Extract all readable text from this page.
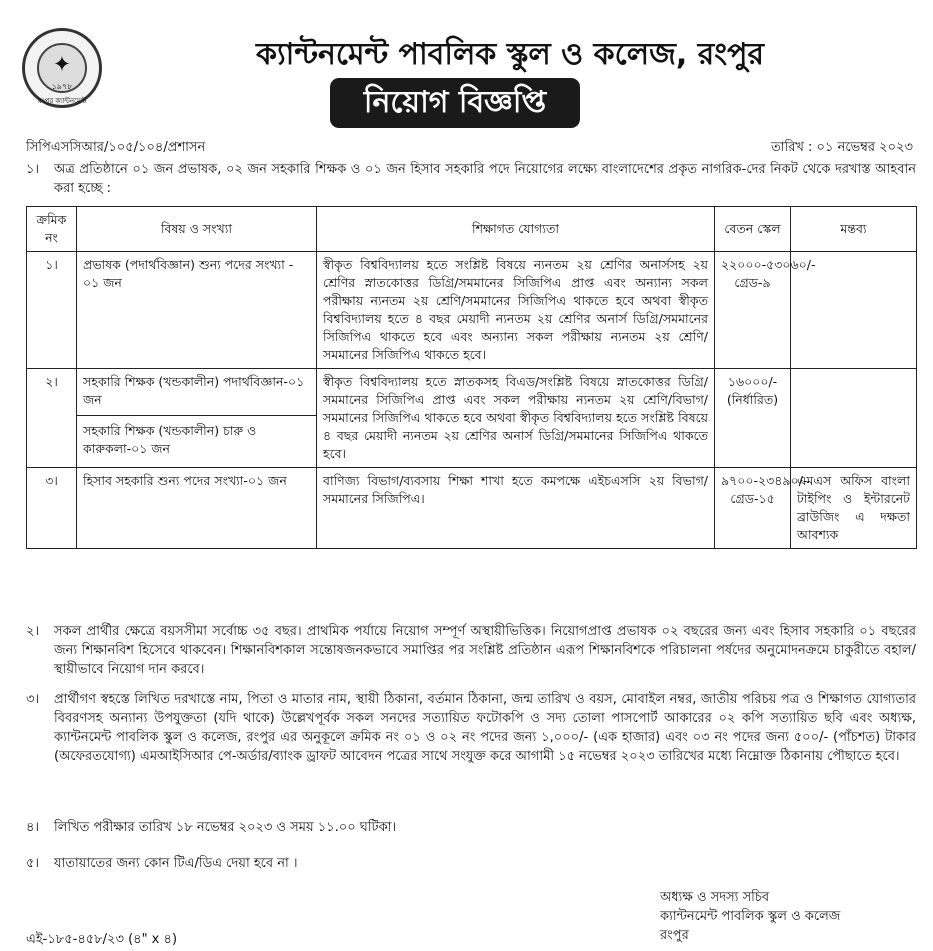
✦
১৯৭৮
রংপুর ক্যান্টনমেন্ট
ক্যান্টনমেন্ট পাবলিক স্কুল ও কলেজ, রংপুর
নিয়োগ বিজ্ঞপ্তি
সিপিএসসিআর/১০৫/১০৪/প্রশাসন	তারিখ : ০১ নভেম্বর ২০২৩
১।	অত্র প্রতিষ্ঠানে ০১ জন প্রভাষক, ০২ জন সহকারি শিক্ষক ও ০১ জন হিসাব সহকারি পদে নিয়োগের লক্ষ্যে বাংলাদেশের প্রকৃত নাগরিক-দের নিকট থেকে দরখাস্ত আহবান করা হচ্ছে :
ক্রমিক নং	বিষয় ও সংখ্যা	শিক্ষাগত যোগ্যতা	বেতন স্কেল	মন্তব্য
১।	প্রভাষক (পদার্থবিজ্ঞান) শুন্য পদের সংখ্যা - ০১ জন	স্বীকৃত বিশ্ববিদ্যালয় হতে সংশ্লিষ্ট বিষয়ে ন্যনতম ২য় শ্রেণির অনার্সসহ ২য় শ্রেণির স্নাতকোত্তর ডিগ্রি/সমমানের সিজিপিএ প্রাপ্ত এবং অন্যান্য সকল পরীক্ষায় ন্যনতম ২য় শ্রেণি/সমমানের সিজিপিএ থাকতে হবে অথবা স্বীকৃত বিশ্ববিদ্যালয় হতে ৪ বছর মেয়াদী ন্যনতম ২য় শ্রেণির অনার্স ডিগ্রি/সমমানের সিজিপিএ থাকতে হবে এবং অন্যান্য সকল পরীক্ষায় ন্যনতম ২য় শ্রেণি/সমমানের সিজিপিএ থাকতে হবে।	২২০০০-৫৩০৬০/- গ্রেড-৯	
২।	সহকারি শিক্ষক (খন্ডকালীন) পদার্থবিজ্ঞান-০১ জন
সহকারি শিক্ষক (খন্ডকালীন) চারু ও কারুকলা-০১ জন	স্বীকৃত বিশ্ববিদ্যালয় হতে স্নাতকসহ বিএড/সংশ্লিষ্ট বিষয়ে স্নাতকোত্তর ডিগ্রি/সমমানের সিজিপিএ প্রাপ্ত এবং সকল পরীক্ষায় ন্যনতম ২য় শ্রেণি/বিভাগ/সমমানের সিজিপিএ থাকতে হবে অথবা স্বীকৃত বিশ্ববিদ্যালয় হতে সংশ্লিষ্ট বিষয়ে ৪ বছর মেয়াদী ন্যনতম ২য় শ্রেণির অনার্স ডিগ্রি/সমমানের সিজিপিএ থাকতে হবে।	১৬০০০/- (নির্ধারিত)	
৩।	হিসাব সহকারি শুন্য পদের সংখ্যা-০১ জন	বাণিজ্য বিভাগ/ব্যবসায় শিক্ষা শাখা হতে কমপক্ষে এইচএসসি ২য় বিভাগ/সমমানের সিজিপিএ।	৯৭০০-২৩৪৯০/- গ্রেড-১৫	এমএস অফিস বাংলা টাইপিং ও ইন্টারনেট ব্রাউজিং এ দক্ষতা আবশ্যক
২।	সকল প্রার্থীর ক্ষেত্রে বয়সসীমা সর্বোচ্চ ৩৫ বছর। প্রাথমিক পর্যায়ে নিয়োগ সম্পূর্ণ অস্থায়ীভিত্তিক। নিয়োগপ্রাপ্ত প্রভাষক ০২ বছরের জন্য এবং হিসাব সহকারি ০১ বছরের জন্য শিক্ষানবিশ হিসেবে থাকবেন। শিক্ষানবিশকাল সন্তোষজনকভাবে সমাপ্তির পর সংশ্লিষ্ট প্রতিষ্ঠান এরূপ শিক্ষানবিশকে পরিচালনা পর্ষদের অনুমোদনক্রমে চাকুরীতে বহাল/স্থায়ীভাবে নিয়োগ দান করবে।
৩।	প্রার্থীগণ স্বহস্তে লিখিত দরখাস্তে নাম, পিতা ও মাতার নাম, স্থায়ী ঠিকানা, বর্তমান ঠিকানা, জন্ম তারিখ ও বয়স, মোবাইল নম্বর, জাতীয় পরিচয় পত্র ও শিক্ষাগত যোগ্যতার বিবরণসহ অন্যান্য উপযুক্ততা (যদি থাকে) উল্লেখপূর্বক সকল সনদের সত্যায়িত ফটোকপি ও সদ্য তোলা পাসপোর্ট আকারের ০২ কপি সত্যায়িত ছবি এবং অধ্যক্ষ, ক্যান্টনমেন্ট পাবলিক স্কুল ও কলেজ, রংপুর এর অনুকূলে ক্রমিক নং ০১ ও ০২ নং পদের জন্য ১,০০০/- (এক হাজার) এবং ০৩ নং পদের জন্য ৫০০/- (পাঁচশত) টাকার (অফেরতযোগ্য) এমআইসিআর পে-অর্ডার/ব্যাংক ড্রাফট আবেদন পত্রের সাথে সংযুক্ত করে আগামী ১৫ নভেম্বর ২০২৩ তারিখের মধ্যে নিম্নোক্ত ঠিকানায় পৌছাতে হবে।
৪।	লিখিত পরীক্ষার তারিখ ১৮ নভেম্বর ২০২৩ ও সময় ১১.০০ ঘটিকা।
৫।	যাতায়াতের জন্য কোন টিএ/ডিএ দেয়া হবে না ।
অধ্যক্ষ ও সদস্য সচিব
ক্যান্টনমেন্ট পাবলিক স্কুল ও কলেজ
রংপুর
এই-১৮৫-৪৫৮/২৩ (৪" x ৪)
